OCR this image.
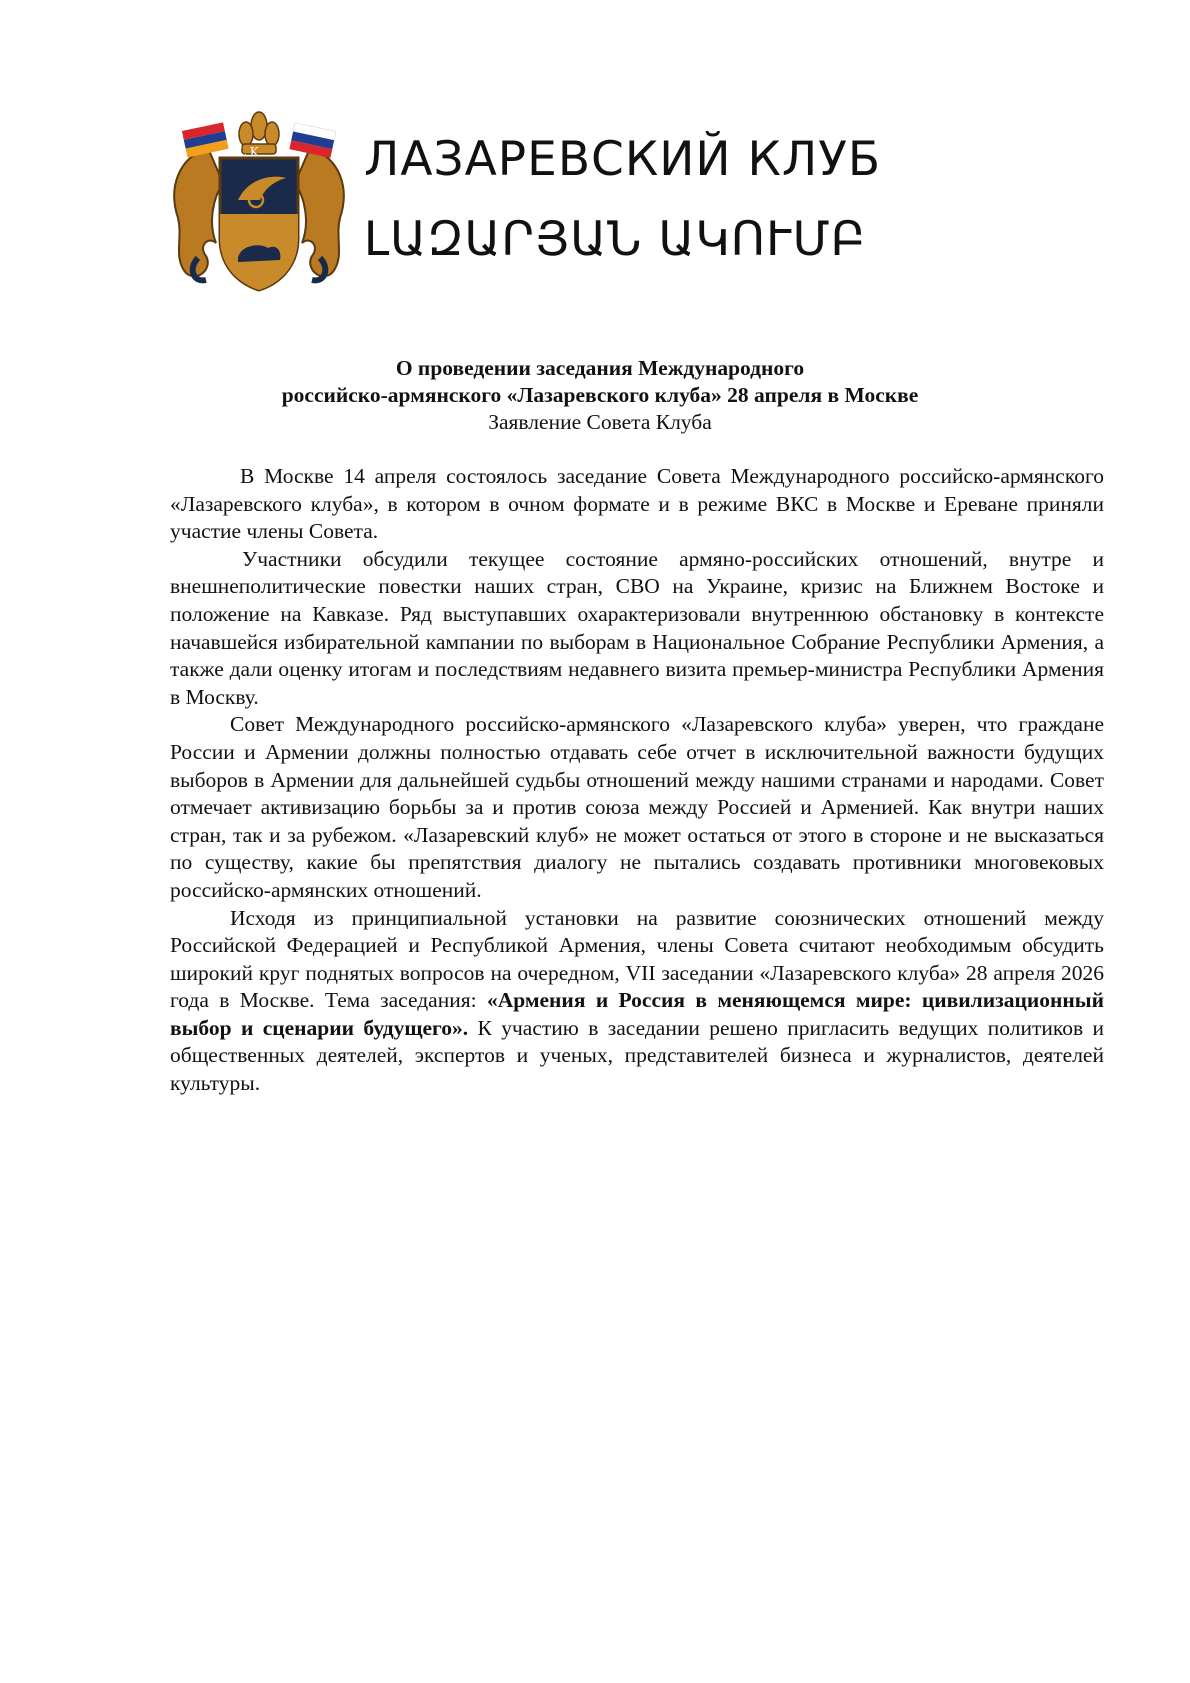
L K ЛАЗАРЕВСКИЙ КЛУБ
ԼԱԶԱՐՅԱՆ ԱԿՈՒՄԲ
О проведении заседания Международного
российско-армянского «Лазаревского клуба» 28 апреля в Москве
Заявление Совета Клуба

В Москве 14 апреля состоялось заседание Совета Международного российско-армянского «Лазаревского клуба», в котором в очном формате и в режиме ВКС в Москве и Ереване приняли участие члены Совета.

Участники обсудили текущее состояние армяно-российских отношений, внутре и внешнеполитические повестки наших стран, СВО на Украине, кризис на Ближнем Востоке и положение на Кавказе. Ряд выступавших охарактеризовали внутреннюю обстановку в контексте начавшейся избирательной кампании по выборам в Национальное Собрание Республики Армения, а также дали оценку итогам и последствиям недавнего визита премьер-министра Республики Армения в Москву.

Совет Международного российско-армянского «Лазаревского клуба» уверен, что граждане России и Армении должны полностью отдавать себе отчет в исключительной важности будущих выборов в Армении для дальнейшей судьбы отношений между нашими странами и народами. Совет отмечает активизацию борьбы за и против союза между Россией и Арменией. Как внутри наших стран, так и за рубежом. «Лазаревский клуб» не может остаться от этого в стороне и не высказаться по существу, какие бы препятствия диалогу не пытались создавать противники многовековых российско-армянских отношений.

Исходя из принципиальной установки на развитие союзнических отношений между Российской Федерацией и Республикой Армения, члены Совета считают необходимым обсудить широкий круг поднятых вопросов на очередном, VII заседании «Лазаревского клуба» 28 апреля 2026 года в Москве. Тема заседания: «Армения и Россия в меняющемся мире: цивилизационный выбор и сценарии будущего». К участию в заседании решено пригласить ведущих политиков и общественных деятелей, экспертов и ученых, представителей бизнеса и журналистов, деятелей культуры.
